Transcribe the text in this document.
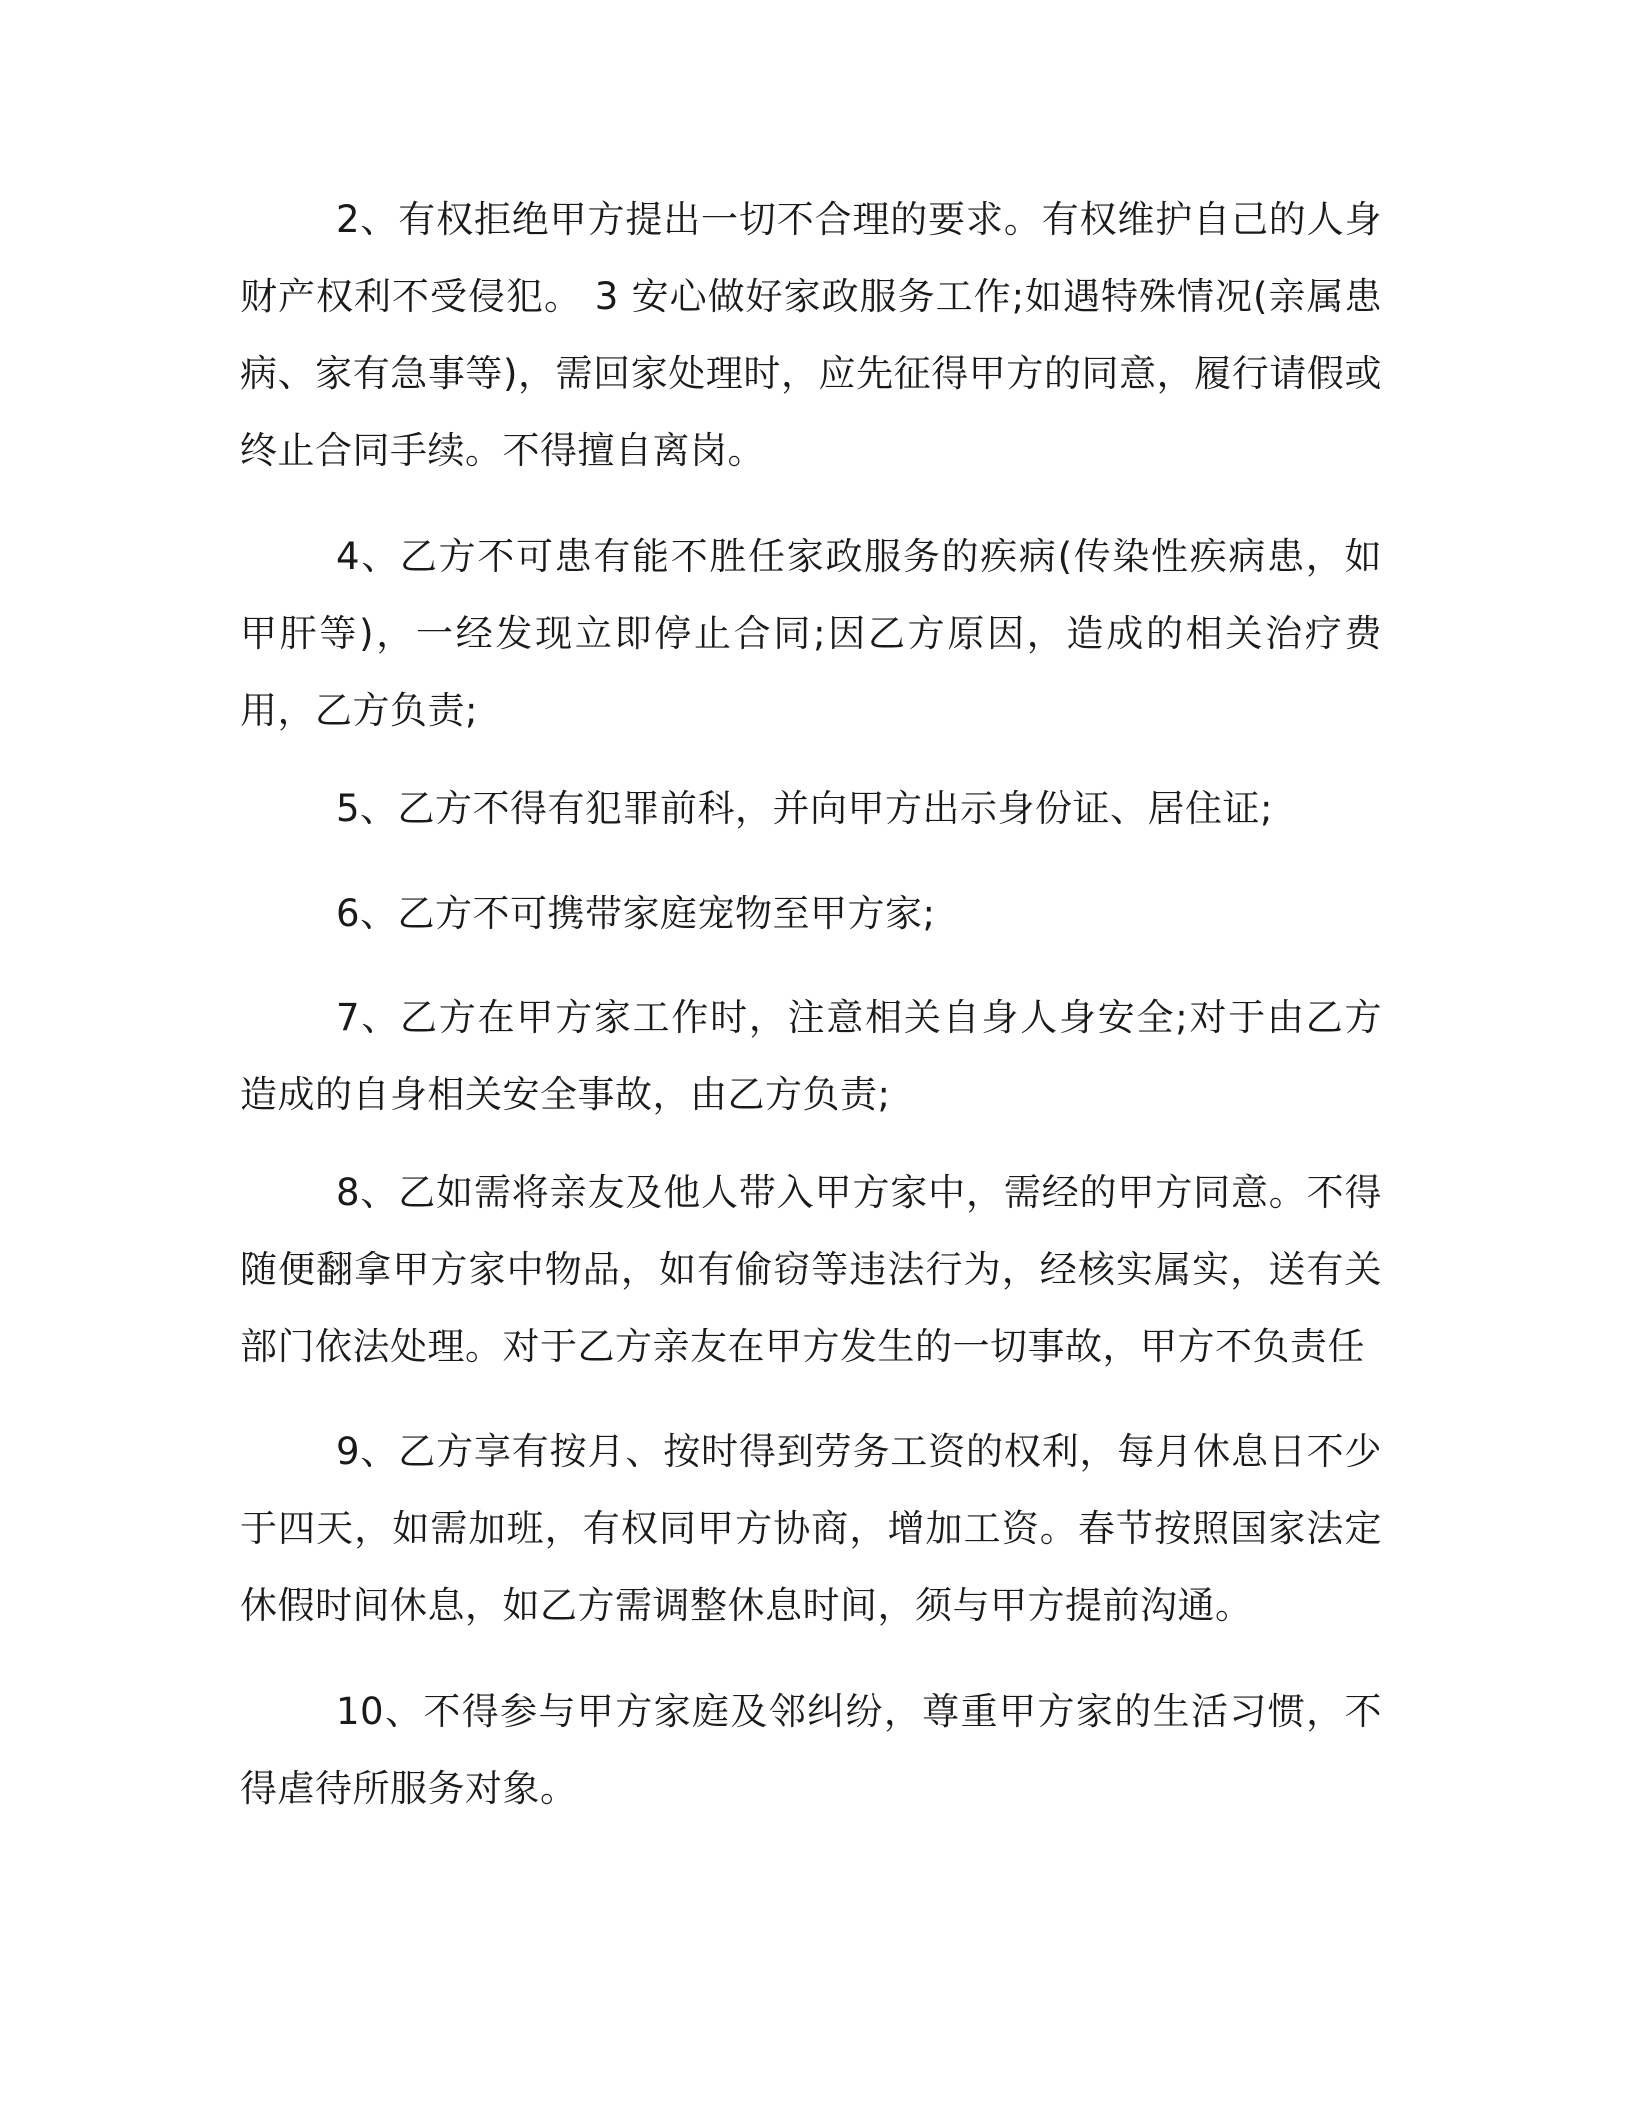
2、有权拒绝甲方提出一切不合理的要求。有权维护自己的人身财产权利不受侵犯。 3 安心做好家政服务工作;如遇特殊情况(亲属患病、家有急事等)，需回家处理时，应先征得甲方的同意，履行请假或终止合同手续。不得擅自离岗。

4、乙方不可患有能不胜任家政服务的疾病(传染性疾病患，如甲肝等)，一经发现立即停止合同;因乙方原因，造成的相关治疗费用，乙方负责;

5、乙方不得有犯罪前科，并向甲方出示身份证、居住证;

6、乙方不可携带家庭宠物至甲方家;

7、乙方在甲方家工作时，注意相关自身人身安全;对于由乙方造成的自身相关安全事故，由乙方负责;

8、乙如需将亲友及他人带入甲方家中，需经的甲方同意。不得随便翻拿甲方家中物品，如有偷窃等违法行为，经核实属实，送有关部门依法处理。对于乙方亲友在甲方发生的一切事故，甲方不负责任

9、乙方享有按月、按时得到劳务工资的权利，每月休息日不少于四天，如需加班，有权同甲方协商，增加工资。春节按照国家法定休假时间休息，如乙方需调整休息时间，须与甲方提前沟通。

10、不得参与甲方家庭及邻纠纷，尊重甲方家的生活习惯，不得虐待所服务对象。
